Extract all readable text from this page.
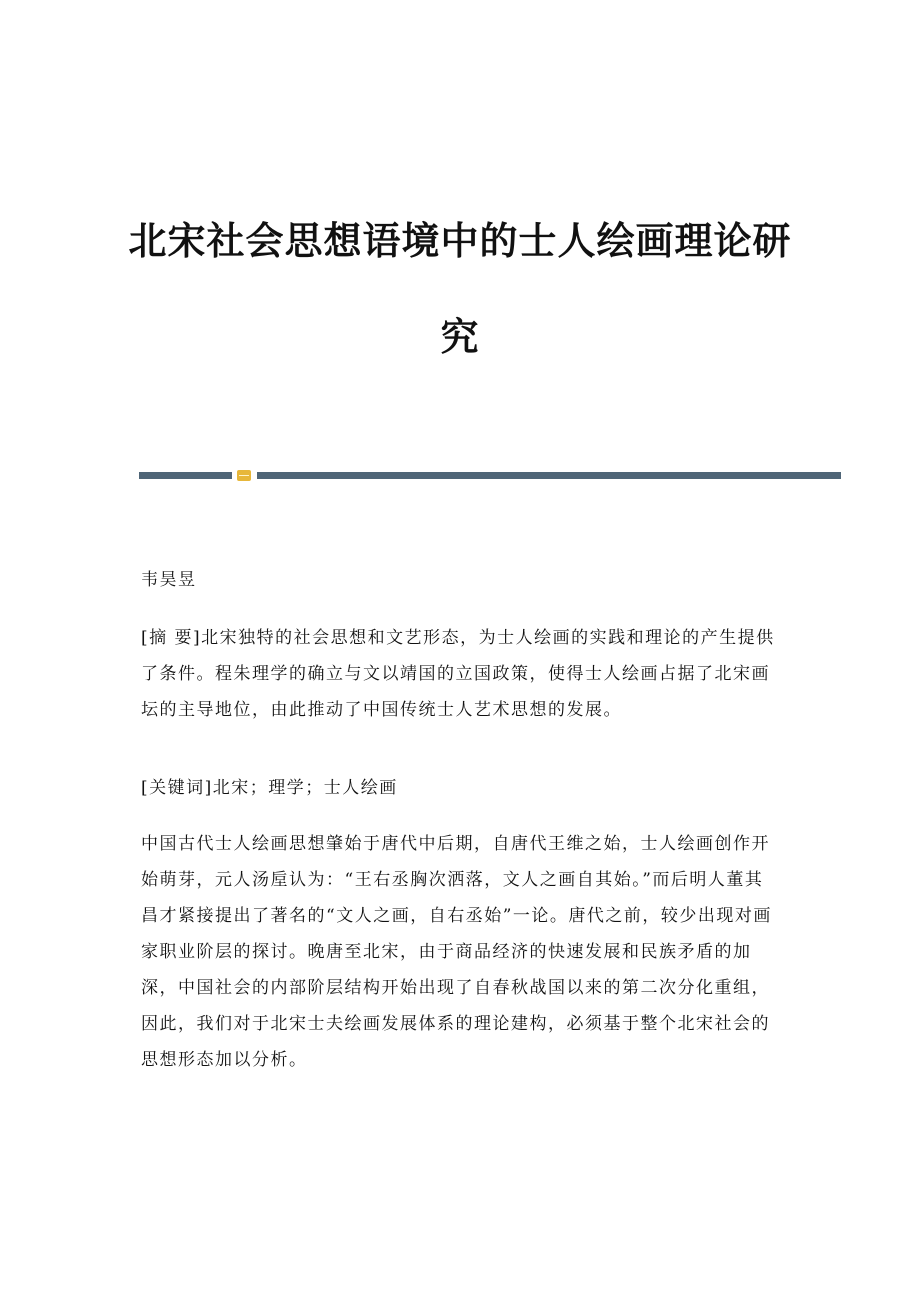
北宋社会思想语境中的士人绘画理论研
究

韦昊昱

[摘 要]北宋独特的社会思想和文艺形态，为士人绘画的实践和理论的产生提供了条件。程朱理学的确立与文以靖国的立国政策，使得士人绘画占据了北宋画坛的主导地位，由此推动了中国传统士人艺术思想的发展。

[关键词]北宋；理学；士人绘画

中国古代士人绘画思想肇始于唐代中后期，自唐代王维之始，士人绘画创作开始萌芽，元人汤垕认为：“王右丞胸次洒落，文人之画自其始。”而后明人董其昌才紧接提出了著名的“文人之画，自右丞始”一论。唐代之前，较少出现对画家职业阶层的探讨。晚唐至北宋，由于商品经济的快速发展和民族矛盾的加深，中国社会的内部阶层结构开始出现了自春秋战国以来的第二次分化重组，因此，我们对于北宋士夫绘画发展体系的理论建构，必须基于整个北宋社会的思想形态加以分析。
